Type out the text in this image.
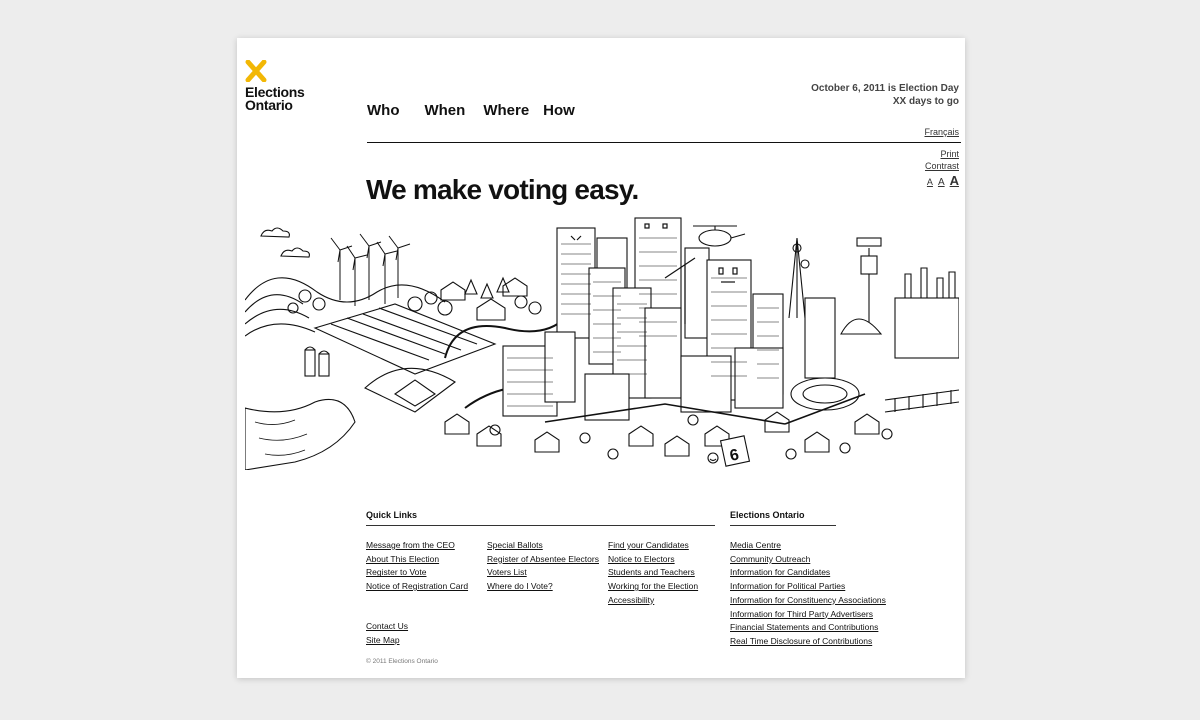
Elections
Ontario	Who When Where How
October 6, 2011 is Election Day
XX days to go
Français
Print
Contrast
A A A
We make voting easy.
6
Quick Links	Elections Ontario
Message from the CEO
About This Election
Register to Vote
Notice of Registration Card
Special Ballots
Register of Absentee Electors
Voters List
Where do I Vote?
Find your Candidates
Notice to Electors
Students and Teachers
Working for the Election
Accessibility
Contact Us
Site Map
Media Centre
Community Outreach
Information for Candidates
Information for Political Parties
Information for Constituency Associations
Information for Third Party Advertisers
Financial Statements and Contributions
Real Time Disclosure of Contributions
© 2011 Elections Ontario
